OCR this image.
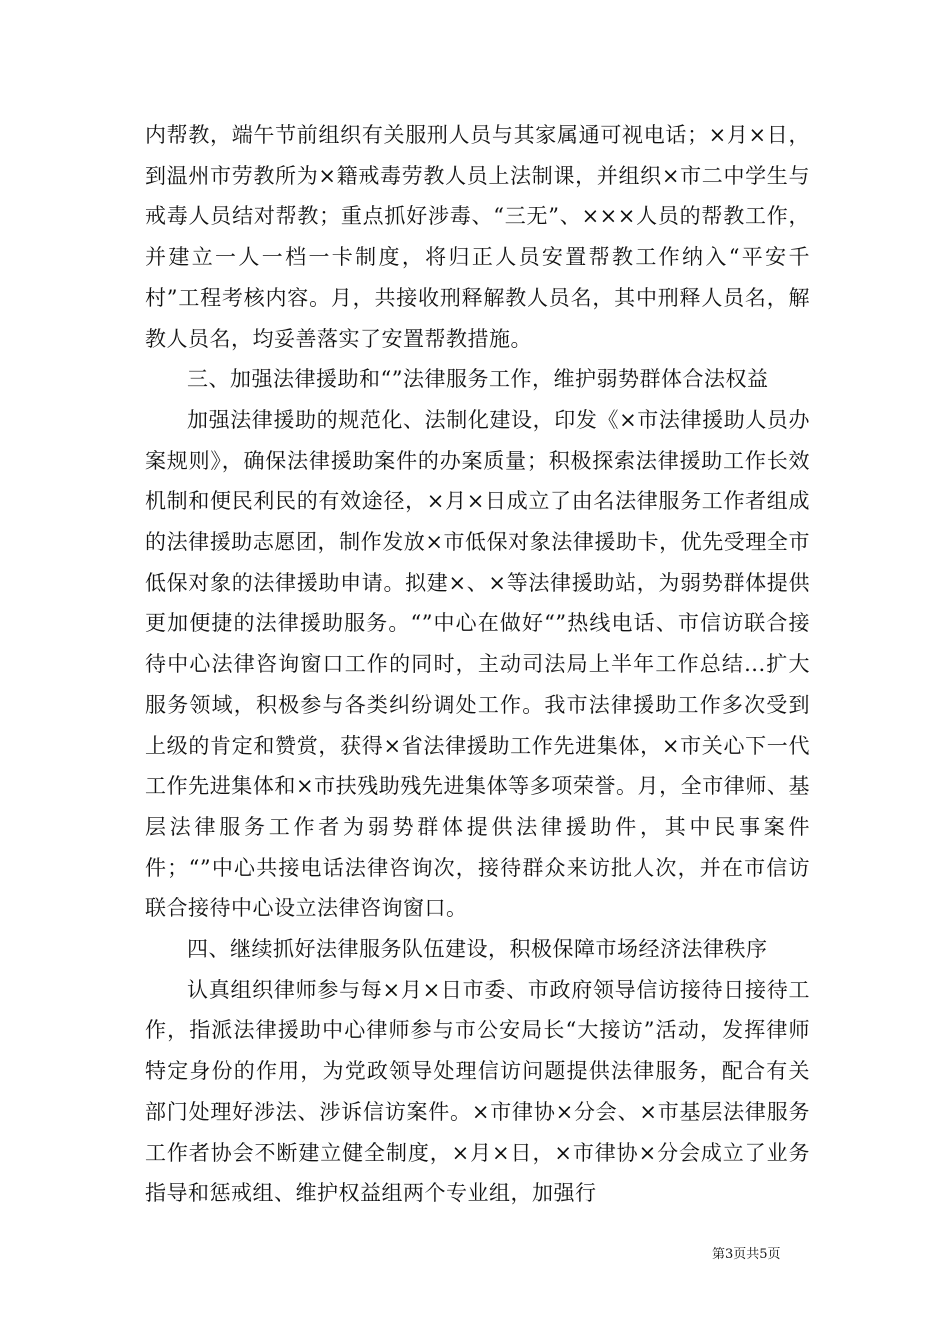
内帮教，端午节前组织有关服刑人员与其家属通可视电话；×月×日，到温州市劳教所为×籍戒毒劳教人员上法制课，并组织×市二中学生与戒毒人员结对帮教；重点抓好涉毒、“三无”、×××人员的帮教工作，并建立一人一档一卡制度，将归正人员安置帮教工作纳入“平安千村”工程考核内容。月，共接收刑释解教人员名，其中刑释人员名，解教人员名，均妥善落实了安置帮教措施。

三、加强法律援助和“”法律服务工作，维护弱势群体合法权益

加强法律援助的规范化、法制化建设，印发《×市法律援助人员办案规则》，确保法律援助案件的办案质量；积极探索法律援助工作长效机制和便民利民的有效途径，×月×日成立了由名法律服务工作者组成的法律援助志愿团，制作发放×市低保对象法律援助卡，优先受理全市低保对象的法律援助申请。拟建×、×等法律援助站，为弱势群体提供更加便捷的法律援助服务。“”中心在做好“”热线电话、市信访联合接待中心法律咨询窗口工作的同时，主动司法局上半年工作总结...扩大服务领域，积极参与各类纠纷调处工作。我市法律援助工作多次受到上级的肯定和赞赏，获得×省法律援助工作先进集体，×市关心下一代工作先进集体和×市扶残助残先进集体等多项荣誉。月，全市律师、基层法律服务工作者为弱势群体提供法律援助件，其中民事案件件；“”中心共接电话法律咨询次，接待群众来访批人次，并在市信访联合接待中心设立法律咨询窗口。

四、继续抓好法律服务队伍建设，积极保障市场经济法律秩序

认真组织律师参与每×月×日市委、市政府领导信访接待日接待工作，指派法律援助中心律师参与市公安局长“大接访”活动，发挥律师特定身份的作用，为党政领导处理信访问题提供法律服务，配合有关部门处理好涉法、涉诉信访案件。×市律协×分会、×市基层法律服务工作者协会不断建立健全制度，×月×日，×市律协×分会成立了业务指导和惩戒组、维护权益组两个专业组，加强行

第3页共5页
